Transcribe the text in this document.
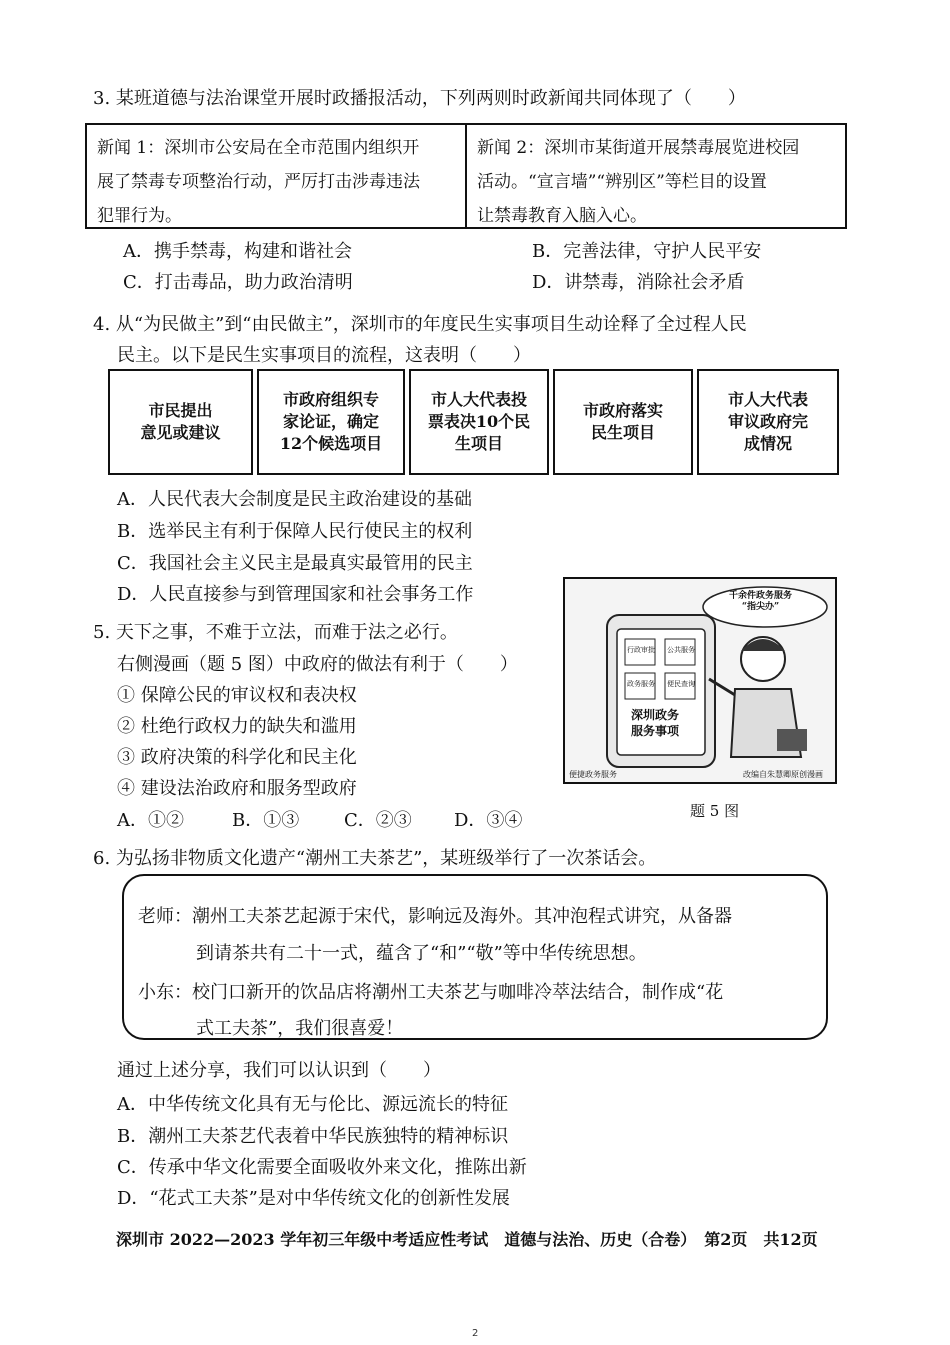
3. 某班道德与法治课堂开展时政播报活动，下列两则时政新闻共同体现了（　　）
新闻 1：深圳市公安局在全市范围内组织开
展了禁毒专项整治行动，严厉打击涉毒违法
犯罪行为。
新闻 2：深圳市某街道开展禁毒展览进校园
活动。“宣言墙”“辨别区”等栏目的设置
让禁毒教育入脑入心。
A．携手禁毒，构建和谐社会	B．完善法律，守护人民平安
C．打击毒品，助力政治清明	D．讲禁毒，消除社会矛盾
4. 从“为民做主”到“由民做主”，深圳市的年度民生实事项目生动诠释了全过程人民
民主。以下是民生实事项目的流程，这表明（　　）
市民提出
意见或建议
市政府组织专
家论证，确定
12个候选项目
市人大代表投
票表决10个民
生项目
市政府落实
民生项目
市人大代表
审议政府完
成情况
A．人民代表大会制度是民主政治建设的基础
B．选举民主有利于保障人民行使民主的权利
C．我国社会主义民主是最真实最管用的民主
D．人民直接参与到管理国家和社会事务工作
5. 天下之事，不难于立法，而难于法之必行。
右侧漫画（题 5 图）中政府的做法有利于（　　）
① 保障公民的审议权和表决权
② 杜绝行政权力的缺失和滥用
③ 政府决策的科学化和民主化
④ 建设法治政府和服务型政府
A．①②	B．①③ C．②③ D．③④
千余件政务服务
“指尖办”
行政审批 公共服务
政务服务 便民查询
深圳政务
服务事项
便捷政务服务	改编自朱慧卿原创漫画
题 5 图
6. 为弘扬非物质文化遗产“潮州工夫茶艺”，某班级举行了一次茶话会。
老师：潮州工夫茶艺起源于宋代，影响远及海外。其冲泡程式讲究，从备器
到请茶共有二十一式，蕴含了“和”“敬”等中华传统思想。
小东：校门口新开的饮品店将潮州工夫茶艺与咖啡冷萃法结合，制作成“花
式工夫茶”，我们很喜爱！
通过上述分享，我们可以认识到（　　）
A．中华传统文化具有无与伦比、源远流长的特征
B．潮州工夫茶艺代表着中华民族独特的精神标识
C．传承中华文化需要全面吸收外来文化，推陈出新
D．“花式工夫茶”是对中华传统文化的创新性发展
深圳市 2022—2023 学年初三年级中考适应性考试　道德与法治、历史（合卷）　第2页　共12页
2
